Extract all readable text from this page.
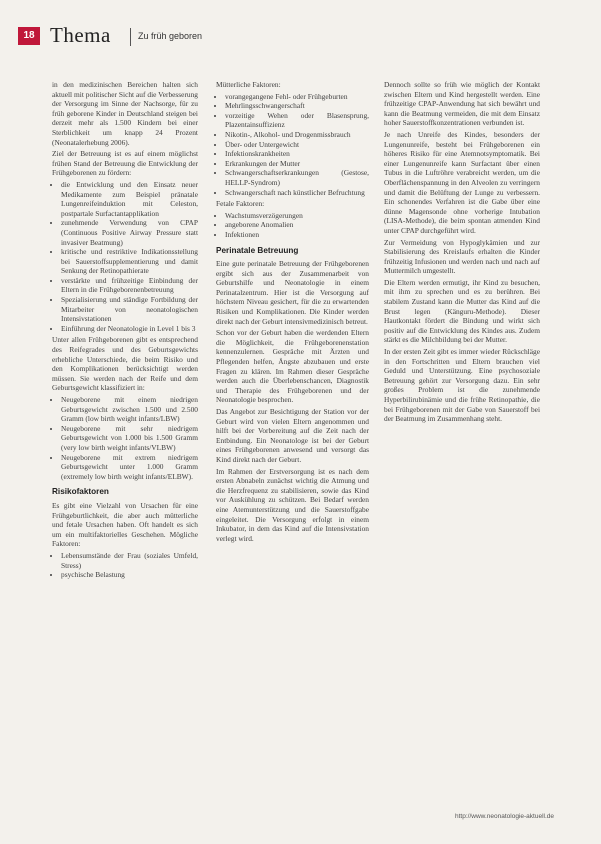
18 Thema	Zu früh geboren

in den medizinischen Bereichen halten sich aktuell mit politischer Sicht auf die Verbesserung der Versorgung im Sinne der Nachsorge, für zu früh geborene Kinder in Deutschland steigen bei derzeit mehr als 1.500 Kindern bei einer Sterblichkeit um knapp 24 Prozent (Neonatalerhebung 2006).

Ziel der Betreuung ist es auf einem möglichst frühen Stand der Betreuung die Entwicklung der Frühgeborenen zu fördern:

• die Entwicklung und den Einsatz neuer Medikamente zum Beispiel pränatale Lungenreifeinduktion mit Celeston, postpartale Surfactantapplikation
• zunehmende Verwendung von CPAP (Continuous Positive Airway Pressure statt invasiver Beatmung)
• kritische und restriktive Indikationsstellung bei Sauerstoffsupplementierung und damit Senkung der Retinopathierate
• verstärkte und frühzeitige Einbindung der Eltern in die Frühgeborenenbetreuung
• Spezialisierung und ständige Fortbildung der Mitarbeiter von neonatologischen Intensivstationen
• Einführung der Neonatologie in Level 1 bis 3

Unter allen Frühgeborenen gibt es entsprechend des Reifegrades und des Geburtsgewichts erhebliche Unterschiede, die beim Risiko und den Komplikationen berücksichtigt werden müssen. Sie werden nach der Reife und dem Geburtsgewicht klassifiziert in:

• Neugeborene mit einem niedrigen Geburtsgewicht zwischen 1.500 und 2.500 Gramm (low birth weight infants/LBW)
• Neugeborene mit sehr niedrigem Geburtsgewicht von 1.000 bis 1.500 Gramm (very low birth weight infants/VLBW)
• Neugeborene mit extrem niedrigem Geburtsgewicht unter 1.000 Gramm (extremely low birth weight infants/ELBW).
Risikofaktoren

Es gibt eine Vielzahl von Ursachen für eine Frühgeburtlichkeit, die aber auch mütterliche und fetale Ursachen haben. Oft handelt es sich um ein multifaktorielles Geschehen. Mögliche Faktoren:

• Lebensumstände der Frau (soziales Umfeld, Stress)
• psychische Belastung

Mütterliche Faktoren:

• vorangegangene Fehl- oder Frühgeburten
• Mehrlingsschwangerschaft
• vorzeitige Wehen oder Blasensprung, Plazentainsuffizienz
• Nikotin-, Alkohol- und Drogenmissbrauch
• Über- oder Untergewicht
• Infektionskrankheiten
• Erkrankungen der Mutter
• Schwangerschaftserkrankungen (Gestose, HELLP-Syndrom)
• Schwangerschaft nach künstlicher Befruchtung

Fetale Faktoren:

• Wachstumsverzögerungen
• angeborene Anomalien
• Infektionen
Perinatale Betreuung

Eine gute perinatale Betreuung der Frühgeborenen ergibt sich aus der Zusammenarbeit von Geburtshilfe und Neonatologie in einem Perinatalzentrum. Hier ist die Versorgung auf höchstem Niveau gesichert, für die zu erwartenden Risiken und Komplikationen. Die Kinder werden direkt nach der Geburt intensivmedizinisch betreut.

Schon vor der Geburt haben die werdenden Eltern die Möglichkeit, die Frühgeborenenstation kennenzulernen. Gespräche mit Ärzten und Pflegenden helfen, Ängste abzubauen und erste Fragen zu klären. Im Rahmen dieser Gespräche werden auch die Überlebenschancen, Diagnostik und Therapie des Frühgeborenen und der Neonatologie besprochen.

Das Angebot zur Besichtigung der Station vor der Geburt wird von vielen Eltern angenommen und hilft bei der Vorbereitung auf die Zeit nach der Entbindung. Ein Neonatologe ist bei der Geburt eines Frühgeborenen anwesend und versorgt das Kind direkt nach der Geburt.

Im Rahmen der Erstversorgung ist es nach dem ersten Abnabeln zunächst wichtig die Atmung und die Herzfrequenz zu stabilisieren, sowie das Kind vor Auskühlung zu schützen. Bei Bedarf werden eine Atemunterstützung und die Sauerstoffgabe eingeleitet. Die Versorgung erfolgt in einem Inkubator, in dem das Kind auf die Intensivstation verlegt wird.

Dennoch sollte so früh wie möglich der Kontakt zwischen Eltern und Kind hergestellt werden. Eine frühzeitige CPAP-Anwendung hat sich bewährt und kann die Beatmung vermeiden, die mit dem Einsatz hoher Sauerstoffkonzentrationen verbunden ist.

Je nach Unreife des Kindes, besonders der Lungenunreife, besteht bei Frühgeborenen ein höheres Risiko für eine Atemnotsymptomatik. Bei einer Lungenunreife kann Surfactant über einen Tubus in die Luftröhre verabreicht werden, um die Oberflächenspannung in den Alveolen zu verringern und damit die Belüftung der Lunge zu verbessern. Ein schonendes Verfahren ist die Gabe über eine dünne Magensonde ohne vorherige Intubation (LISA-Methode), die beim spontan atmenden Kind unter CPAP durchgeführt wird.

Zur Vermeidung von Hypoglykämien und zur Stabilisierung des Kreislaufs erhalten die Kinder frühzeitig Infusionen und werden nach und nach auf Muttermilch umgestellt.

Die Eltern werden ermutigt, ihr Kind zu besuchen, mit ihm zu sprechen und es zu berühren. Bei stabilem Zustand kann die Mutter das Kind auf die Brust legen (Känguru-Methode). Dieser Hautkontakt fördert die Bindung und wirkt sich positiv auf die Entwicklung des Kindes aus. Zudem stärkt es die Milchbildung bei der Mutter.

In der ersten Zeit gibt es immer wieder Rückschläge in den Fortschritten und Eltern brauchen viel Geduld und Unterstützung. Eine psychosoziale Betreuung gehört zur Versorgung dazu. Ein sehr großes Problem ist die zunehmende Hyperbilirubinämie und die frühe Retinopathie, die bei Frühgeborenen mit der Gabe von Sauerstoff bei der Beatmung im Zusammenhang steht.

http://www.neonatologie-aktuell.de
